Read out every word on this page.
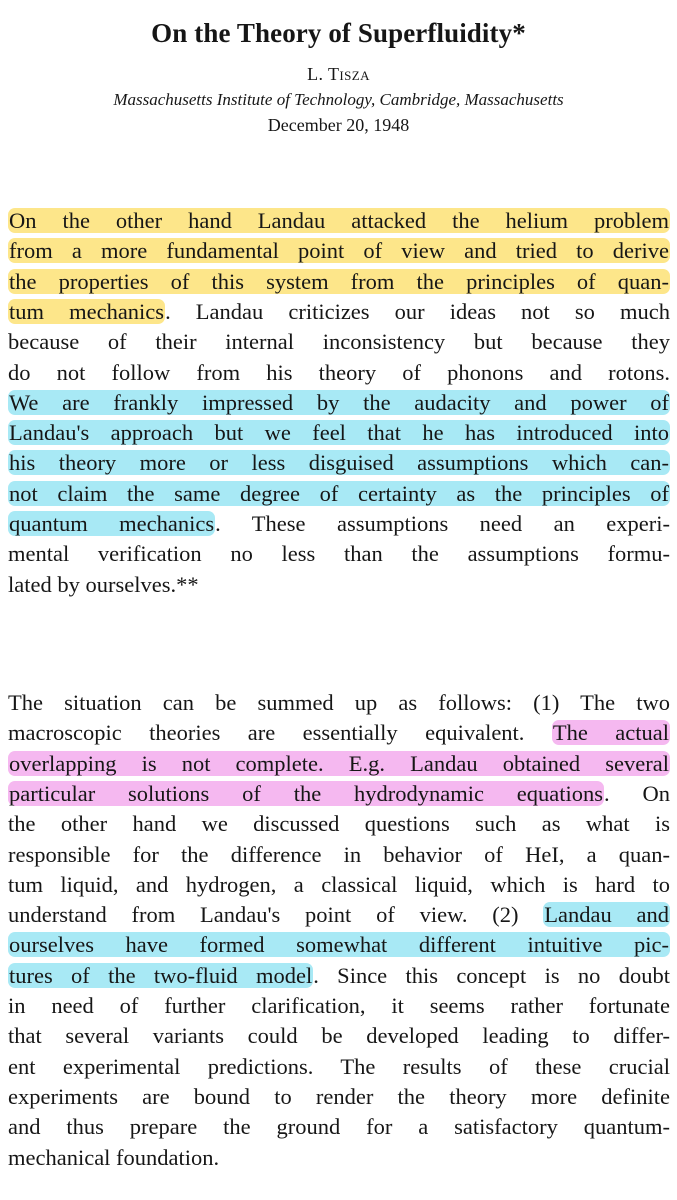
On the Theory of Superfluidity*
L. Tisza
Massachusetts Institute of Technology, Cambridge, Massachusetts
December 20, 1948
On the other hand Landau attacked the helium problem
from a more fundamental point of view and tried to derive
the properties of this system from the principles of quan-
tum mechanics. Landau criticizes our ideas not so much
because of their internal inconsistency but because they
do not follow from his theory of phonons and rotons.
We are frankly impressed by the audacity and power of
Landau's approach but we feel that he has introduced into
his theory more or less disguised assumptions which can-
not claim the same degree of certainty as the principles of
quantum mechanics. These assumptions need an experi-
mental verification no less than the assumptions formu-
lated by ourselves.**
The situation can be summed up as follows: (1) The two
macroscopic theories are essentially equivalent. The actual
overlapping is not complete. E.g. Landau obtained several
particular solutions of the hydrodynamic equations. On
the other hand we discussed questions such as what is
responsible for the difference in behavior of HeI, a quan-
tum liquid, and hydrogen, a classical liquid, which is hard to
understand from Landau's point of view. (2) Landau and
ourselves have formed somewhat different intuitive pic-
tures of the two-fluid model. Since this concept is no doubt
in need of further clarification, it seems rather fortunate
that several variants could be developed leading to differ-
ent experimental predictions. The results of these crucial
experiments are bound to render the theory more definite
and thus prepare the ground for a satisfactory quantum-
mechanical foundation.
